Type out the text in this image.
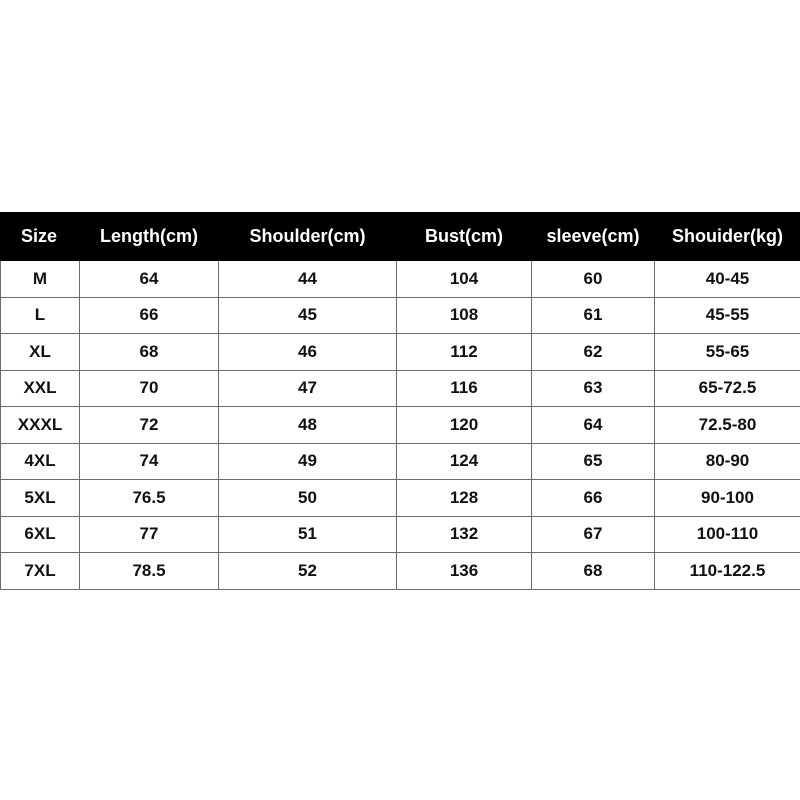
Size	Length(cm)	Shoulder(cm)	Bust(cm)	sleeve(cm)	Shouider(kg)
M	64	44	104	60	40-45
L	66	45	108	61	45-55
XL	68	46	112	62	55-65
XXL	70	47	116	63	65-72.5
XXXL	72	48	120	64	72.5-80
4XL	74	49	124	65	80-90
5XL	76.5	50	128	66	90-100
6XL	77	51	132	67	100-110
7XL	78.5	52	136	68	110-122.5
